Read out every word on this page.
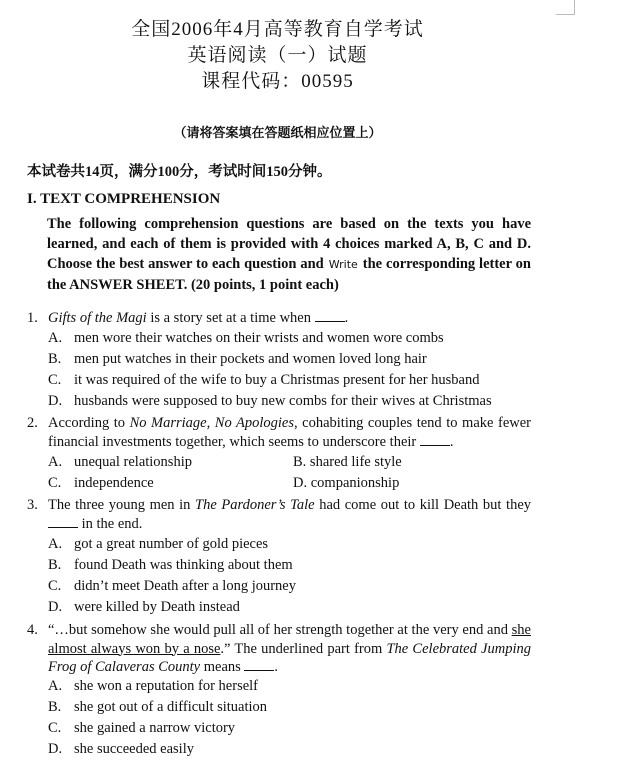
全国2006年4月高等教育自学考试
英语阅读（一）试题
课程代码：00595
（请将答案填在答题纸相应位置上）
本试卷共14页，满分100分，考试时间150分钟。
I. TEXT COMPREHENSION
The following comprehension questions are based on the texts you have learned, and each of them is provided with 4 choices marked A, B, C and D. Choose the best answer to each question and Write the corresponding letter on the ANSWER SHEET. (20 points, 1 point each)
1. Gifts of the Magi is a story set at a time when .
A. men wore their watches on their wrists and women wore combs
B. men put watches in their pockets and women loved long hair
C. it was required of the wife to buy a Christmas present for her husband
D. husbands were supposed to buy new combs for their wives at Christmas
2. According to No Marriage, No Apologies, cohabiting couples tend to make fewer financial investments together, which seems to underscore their .
A. unequal relationship	B. shared life style
C. independence	D. companionship
3. The three young men in The Pardoner’s Tale had come out to kill Death but they  in the end.
A. got a great number of gold pieces
B. found Death was thinking about them
C. didn’t meet Death after a long journey
D. were killed by Death instead
4. “…but somehow she would pull all of her strength together at the very end and she almost always won by a nose.” The underlined part from The Celebrated Jumping Frog of Calaveras County means .
A. she won a reputation for herself
B. she got out of a difficult situation
C. she gained a narrow victory
D. she succeeded easily
